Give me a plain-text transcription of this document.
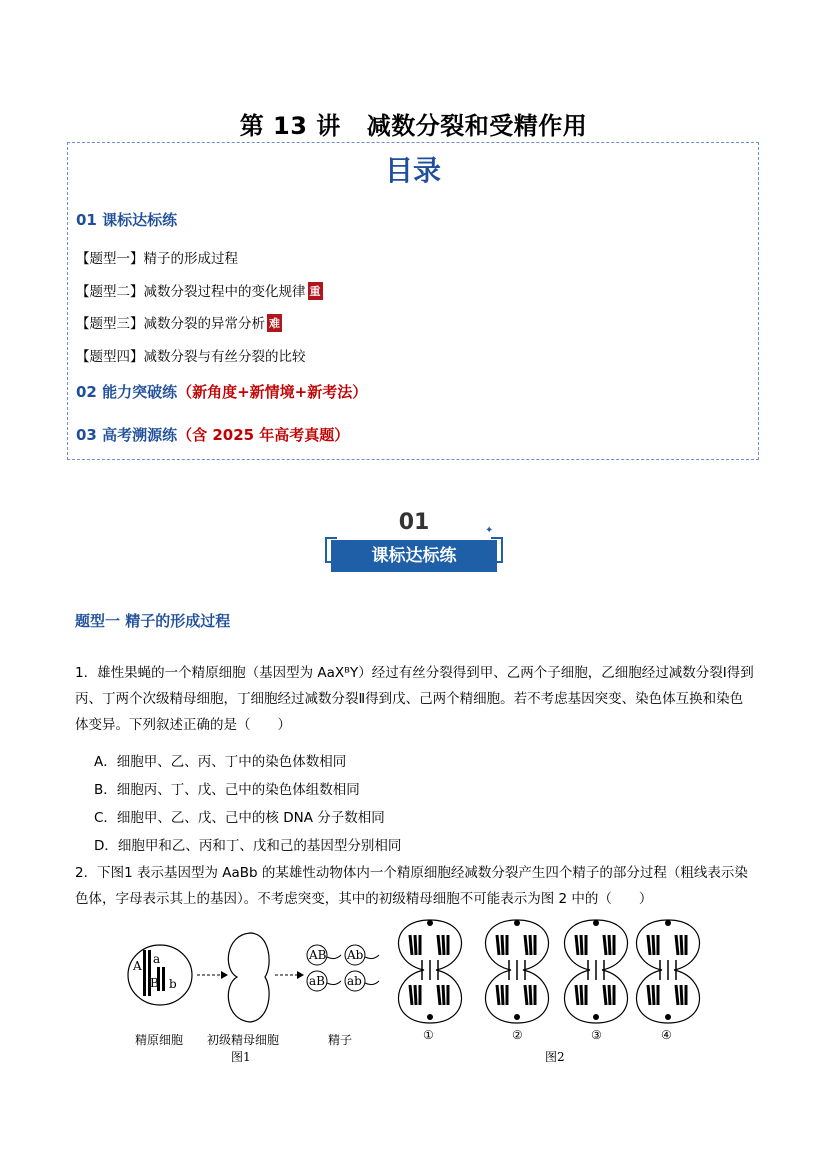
第 13 讲 减数分裂和受精作用
目录
01 课标达标练
【题型一】精子的形成过程
【题型二】减数分裂过程中的变化规律 重
【题型三】减数分裂的异常分析 难
【题型四】减数分裂与有丝分裂的比较
02 能力突破练（新角度+新情境+新考法）
03 高考溯源练（含 2025 年高考真题）
01
课标达标练
✦
题型一 精子的形成过程
1．雄性果蝇的一个精原细胞（基因型为 AaXᴮY）经过有丝分裂得到甲、乙两个子细胞，乙细胞经过减数分裂Ⅰ得到丙、丁两个次级精母细胞，丁细胞经过减数分裂Ⅱ得到戊、己两个精细胞。若不考虑基因突变、染色体互换和染色体变异。下列叙述正确的是（　　）
A．细胞甲、乙、丙、丁中的染色体数相同
B．细胞丙、丁、戊、己中的染色体组数相同
C．细胞甲、乙、戊、己中的核 DNA 分子数相同
D．细胞甲和乙、丙和丁、戊和己的基因型分别相同
2．下图1 表示基因型为 AaBb 的某雄性动物体内一个精原细胞经减数分裂产生四个精子的部分过程（粗线表示染色体，字母表示其上的基因）。不考虑突变，其中的初级精母细胞不可能表示为图 2 中的（　　）
A a
B b
AB Ab
aB ab
精原细胞 初级精母细胞	精子
图1	图2
①	②	③	④
